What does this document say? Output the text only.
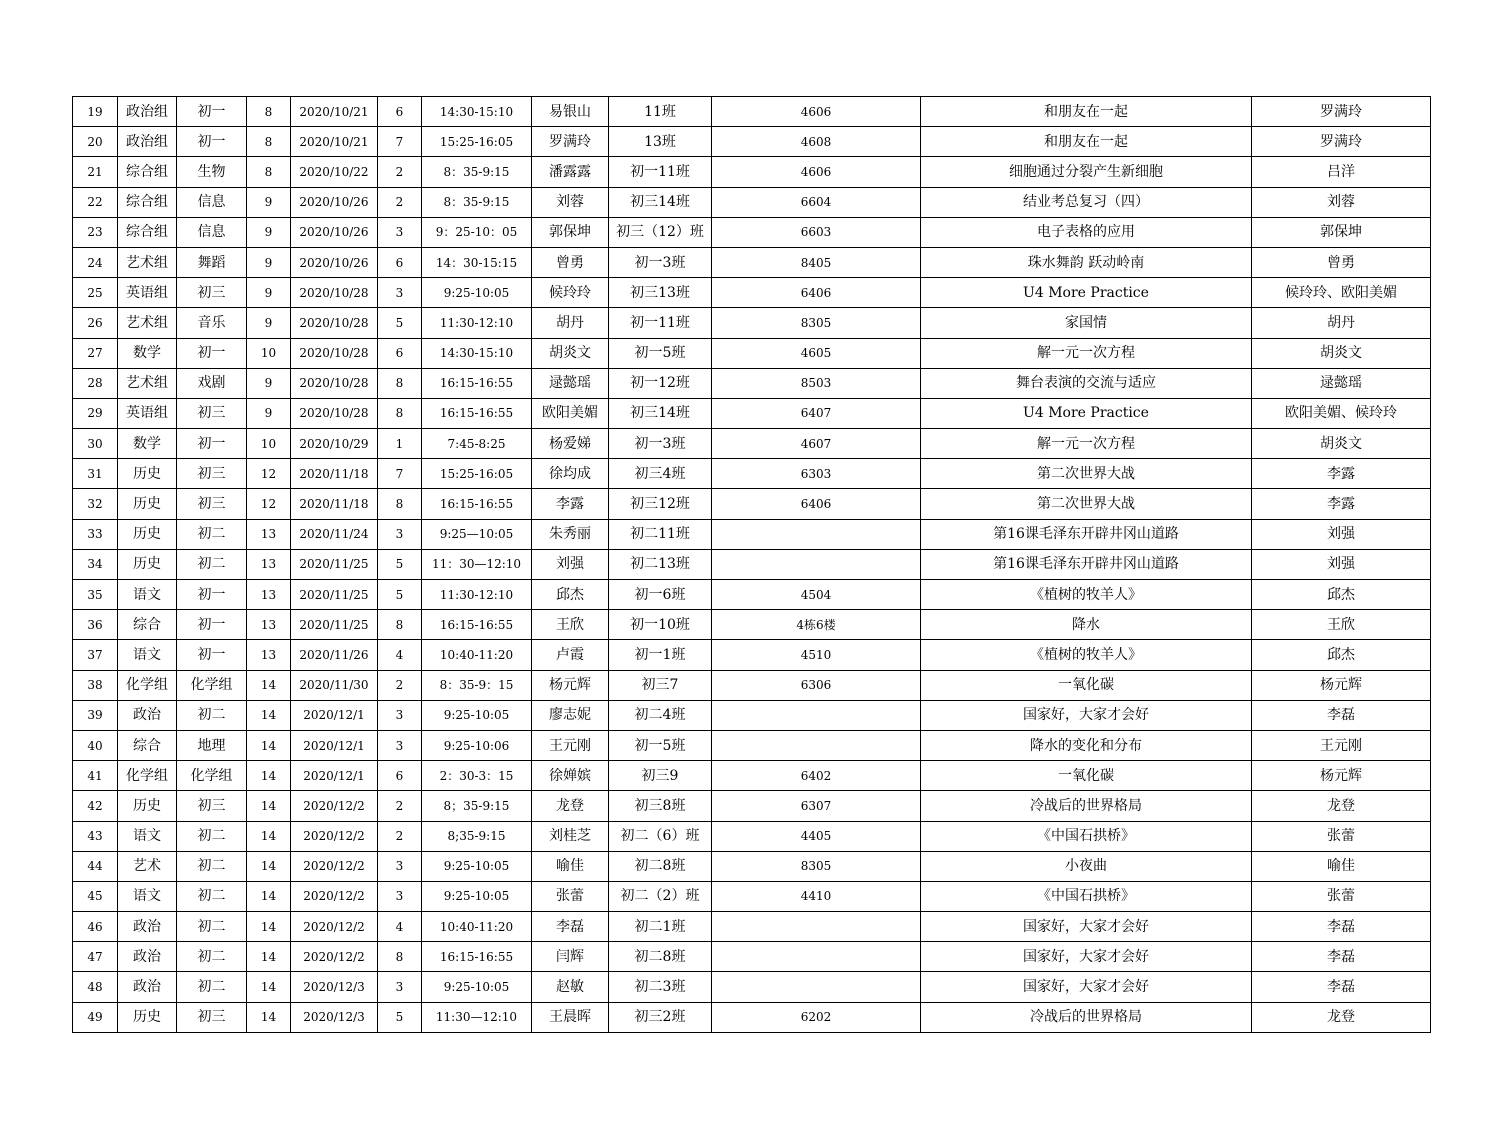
19	政治组	初一	8	2020/10/21	6	14:30-15:10	易银山	11班	4606	和朋友在一起	罗满玲
20	政治组	初一	8	2020/10/21	7	15:25-16:05	罗满玲	13班	4608	和朋友在一起	罗满玲
21	综合组	生物	8	2020/10/22	2	8：35-9:15	潘露露	初一11班	4606	细胞通过分裂产生新细胞	吕洋
22	综合组	信息	9	2020/10/26	2	8：35-9:15	刘蓉	初三14班	6604	结业考总复习（四）	刘蓉
23	综合组	信息	9	2020/10/26	3	9：25-10：05	郭保坤	初三（12）班	6603	电子表格的应用	郭保坤
24	艺术组	舞蹈	9	2020/10/26	6	14：30-15:15	曾勇	初一3班	8405	珠水舞韵 跃动岭南	曾勇
25	英语组	初三	9	2020/10/28	3	9:25-10:05	候玲玲	初三13班	6406	U4 More Practice	候玲玲、欧阳美媚
26	艺术组	音乐	9	2020/10/28	5	11:30-12:10	胡丹	初一11班	8305	家国情	胡丹
27	数学	初一	10	2020/10/28	6	14:30-15:10	胡炎文	初一5班	4605	解一元一次方程	胡炎文
28	艺术组	戏剧	9	2020/10/28	8	16:15-16:55	逯懿瑶	初一12班	8503	舞台表演的交流与适应	逯懿瑶
29	英语组	初三	9	2020/10/28	8	16:15-16:55	欧阳美媚	初三14班	6407	U4 More Practice	欧阳美媚、候玲玲
30	数学	初一	10	2020/10/29	1	7:45-8:25	杨爱娣	初一3班	4607	解一元一次方程	胡炎文
31	历史	初三	12	2020/11/18	7	15:25-16:05	徐均成	初三4班	6303	第二次世界大战	李露
32	历史	初三	12	2020/11/18	8	16:15-16:55	李露	初三12班	6406	第二次世界大战	李露
33	历史	初二	13	2020/11/24	3	9:25—10:05	朱秀丽	初二11班		第16课毛泽东开辟井冈山道路	刘强
34	历史	初二	13	2020/11/25	5	11：30—12:10	刘强	初二13班		第16课毛泽东开辟井冈山道路	刘强
35	语文	初一	13	2020/11/25	5	11:30-12:10	邱杰	初一6班	4504	《植树的牧羊人》	邱杰
36	综合	初一	13	2020/11/25	8	16:15-16:55	王欣	初一10班	4栋6楼	降水	王欣
37	语文	初一	13	2020/11/26	4	10:40-11:20	卢霞	初一1班	4510	《植树的牧羊人》	邱杰
38	化学组	化学组	14	2020/11/30	2	8：35-9：15	杨元辉	初三7	6306	一氧化碳	杨元辉
39	政治	初二	14	2020/12/1	3	9:25-10:05	廖志妮	初二4班		国家好，大家才会好	李磊
40	综合	地理	14	2020/12/1	3	9:25-10:06	王元刚	初一5班		降水的变化和分布	王元刚
41	化学组	化学组	14	2020/12/1	6	2：30-3：15	徐婵嫔	初三9	6402	一氧化碳	杨元辉
42	历史	初三	14	2020/12/2	2	8；35-9:15	龙登	初三8班	6307	冷战后的世界格局	龙登
43	语文	初二	14	2020/12/2	2	8;35-9:15	刘桂芝	初二（6）班	4405	《中国石拱桥》	张蕾
44	艺术	初二	14	2020/12/2	3	9:25-10:05	喻佳	初二8班	8305	小夜曲	喻佳
45	语文	初二	14	2020/12/2	3	9:25-10:05	张蕾	初二（2）班	4410	《中国石拱桥》	张蕾
46	政治	初二	14	2020/12/2	4	10:40-11:20	李磊	初二1班		国家好，大家才会好	李磊
47	政治	初二	14	2020/12/2	8	16:15-16:55	闫辉	初二8班		国家好，大家才会好	李磊
48	政治	初二	14	2020/12/3	3	9:25-10:05	赵敏	初二3班		国家好，大家才会好	李磊
49	历史	初三	14	2020/12/3	5	11:30—12:10	王晨晖	初三2班	6202	冷战后的世界格局	龙登
